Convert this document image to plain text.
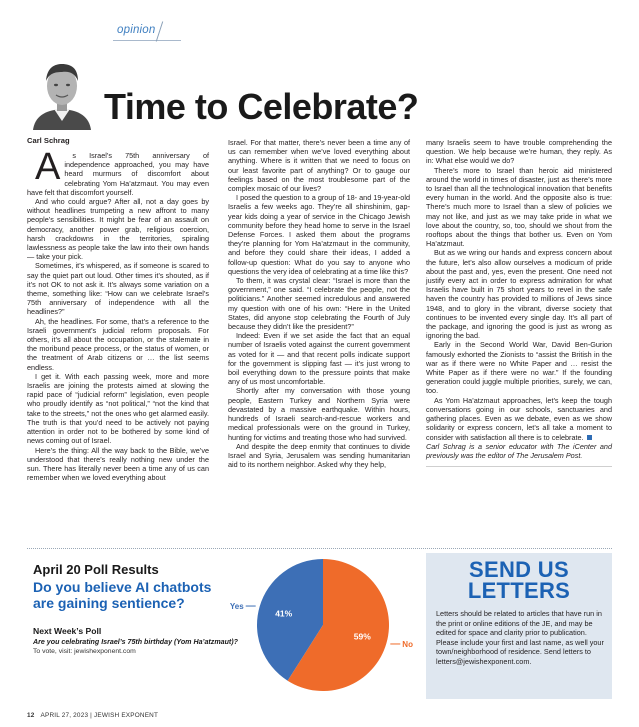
opinion
Time to Celebrate?
Carl Schrag

A s Israel’s 75th anniversary of independence approached, you may have heard murmurs of discomfort about celebrating Yom Ha’atzmaut. You may even have felt that discomfort yourself.

And who could argue? After all, not a day goes by without headlines trumpeting a new affront to many people’s sensibilities. It might be fear of an assault on democracy, another power grab, religious coercion, harsh crackdowns in the territories, spiraling lawlessness as people take the law into their own hands — take your pick.

Sometimes, it’s whispered, as if someone is scared to say the quiet part out loud. Other times it’s shouted, as if it’s not OK to not ask it. It’s always some variation on a theme, something like: “How can we celebrate Israel’s 75th anniversary of independence with all the headlines?”

Ah, the headlines. For some, that’s a reference to the Israeli government’s judicial reform proposals. For others, it’s all about the occupation, or the stalemate in the moribund peace process, or the status of women, or the treatment of Arab citizens or … the list seems endless.

I get it. With each passing week, more and more Israelis are joining the protests aimed at slowing the rapid pace of “judicial reform” legislation, even people who proudly identify as “not political,” “not the kind that take to the streets,” not the ones who get alarmed easily. The truth is that you’d need to be actively not paying attention in order not to be bothered by some kind of news coming out of Israel.

Here’s the thing: All the way back to the Bible, we’ve understood that there’s really nothing new under the sun. There has literally never been a time any of us can remember when we loved everything about

Israel. For that matter, there’s never been a time any of us can remember when we’ve loved everything about anything. Where is it written that we need to focus on our least favorite part of anything? Or to gauge our feelings based on the most troublesome part of the complex mosaic of our lives?

I posed the question to a group of 18- and 19-year-old Israelis a few weeks ago. They’re all shinshinim, gap-year kids doing a year of service in the Chicago Jewish community before they head home to serve in the Israel Defense Forces. I asked them about the programs they’re planning for Yom Ha’atzmaut in the community, and before they could share their ideas, I added a follow-up question: What do you say to anyone who questions the very idea of celebrating at a time like this?

To them, it was crystal clear: “Israel is more than the government,” one said. “I celebrate the people, not the politicians.” Another seemed incredulous and answered my question with one of his own: “Here in the United States, did anyone stop celebrating the Fourth of July because they didn’t like the president?”

Indeed: Even if we set aside the fact that an equal number of Israelis voted against the current government as voted for it — and that recent polls indicate support for the government is slipping fast — it’s just wrong to boil everything down to the pressure points that make any of us most uncomfortable.

Shortly after my conversation with those young people, Eastern Turkey and Northern Syria were devastated by a massive earthquake. Within hours, hundreds of Israeli search-and-rescue workers and medical professionals were on the ground in Turkey, hunting for victims and treating those who had survived.

And despite the deep enmity that continues to divide Israel and Syria, Jerusalem was sending humanitarian aid to its northern neighbor. Asked why they help,

many Israelis seem to have trouble comprehending the question. We help because we’re human, they reply. As in: What else would we do?

There’s more to Israel than heroic aid ministered around the world in times of disaster, just as there’s more to Israel than all the technological innovation that benefits every human in the world. And the opposite also is true: There’s much more to Israel than a slew of policies we may not like, and just as we may take pride in what we love about the country, so, too, should we shout from the rooftops about the things that bother us. Even on Yom Ha’atzmaut.

But as we wring our hands and express concern about the future, let’s also allow ourselves a modicum of pride about the past and, yes, even the present. One need not justify every act in order to express admiration for what Israelis have built in 75 short years to revel in the safe haven the country has provided to millions of Jews since 1948, and to glory in the vibrant, diverse society that continues to be invented every single day. It’s all part of the package, and ignoring the good is just as wrong as ignoring the bad.

Early in the Second World War, David Ben-Gurion famously exhorted the Zionists to “assist the British in the war as if there were no White Paper and … resist the White Paper as if there were no war.” If the founding generation could juggle multiple priorities, surely, we can, too.

As Yom Ha’atzmaut approaches, let’s keep the tough conversations going in our schools, sanctuaries and gathering places. Even as we debate, even as we show solidarity or express concern, let’s all take a moment to consider with satisfaction all there is to celebrate.

Carl Schrag is a senior educator with The iCenter and previously was the editor of The Jerusalem Post.

April 20 Poll Results
Do you believe AI chatbots are gaining sentience?
Next Week’s Poll
Are you celebrating Israel’s 75th birthday (Yom Ha’atzmaut)?
To vote, visit: jewishexponent.com
41%
Yes
59%
No
SEND US
LETTERS
Letters should be related to articles that have run in the print or online editions of the JE, and may be edited for space and clarity prior to publication. Please include your first and last name, as well your town/neighborhood of residence. Send letters to letters@jewishexponent.com.
12 APRIL 27, 2023 | JEWISH EXPONENT
